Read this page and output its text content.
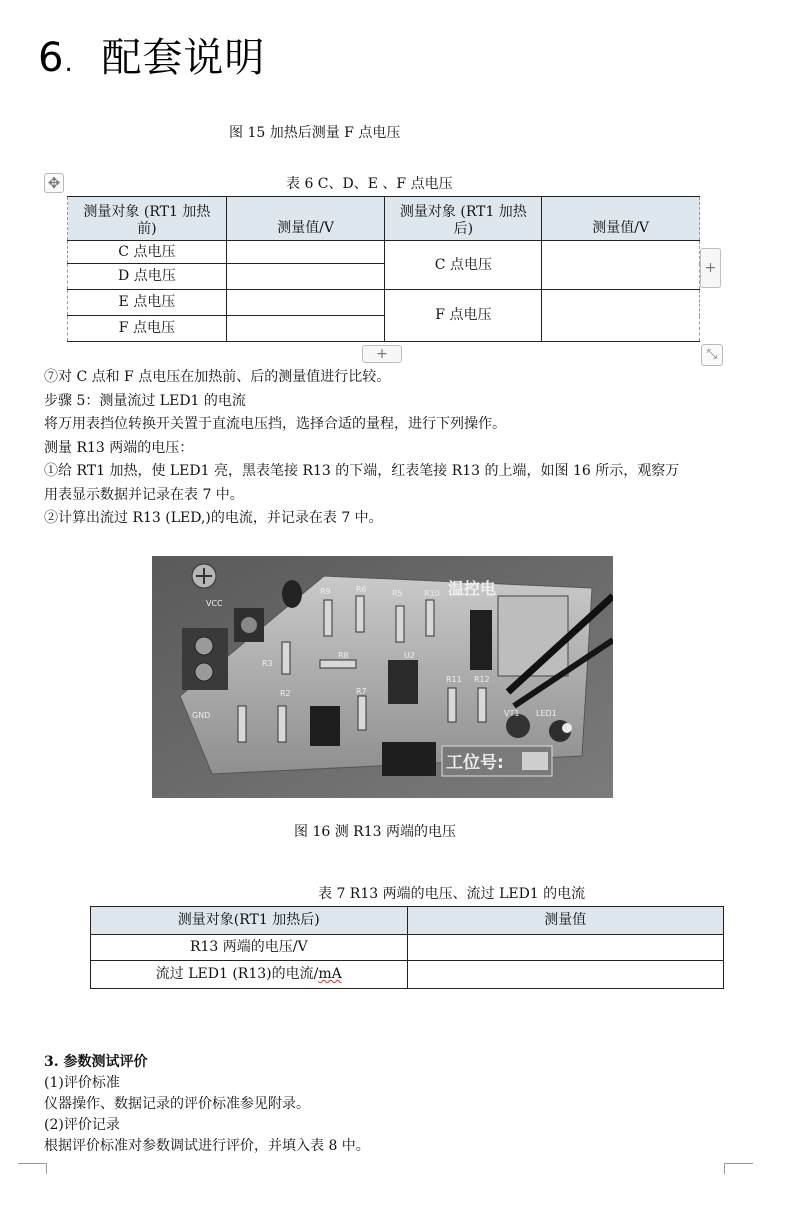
6. 配套说明
图 15 加热后测量 F 点电压
✥	表 6 C、D、E 、F 点电压
测量对象 (RT1 加热前)	测量值/V	测量对象 (RT1 加热后)	测量值/V
C 点电压		C 点电压	
D 点电压			
E 点电压		F 点电压	
F 点电压			
+
+	⤡
⑦对 C 点和 F 点电压在加热前、后的测量值进行比较。
步骤 5：测量流过 LED1 的电流
将万用表挡位转换开关置于直流电压挡，选择合适的量程，进行下列操作。
测量 R13 两端的电压：
①给 RT1 加热，使 LED1 亮，黑表笔接 R13 的下端，红表笔接 R13 的上端，如图 16 所示，观察万
用表显示数据并记录在表 7 中。
②计算出流过 R13 (LED,)的电流，并记录在表 7 中。
温控电
工位号:
R2	R7
R8
R9
R11 R12
U2
VT1 LED1
VCC
GND
R3
R6	R10
R5
图 16 测 R13 两端的电压
表 7 R13 两端的电压、流过 LED1 的电流
测量对象(RT1 加热后)	测量值
R13 两端的电压/V	
流过 LED1 (R13)的电流/mA	
3. 参数测试评价
(1)评价标准
仪器操作、数据记录的评价标准参见附录。
(2)评价记录
根据评价标准对参数调试进行评价，并填入表 8 中。
